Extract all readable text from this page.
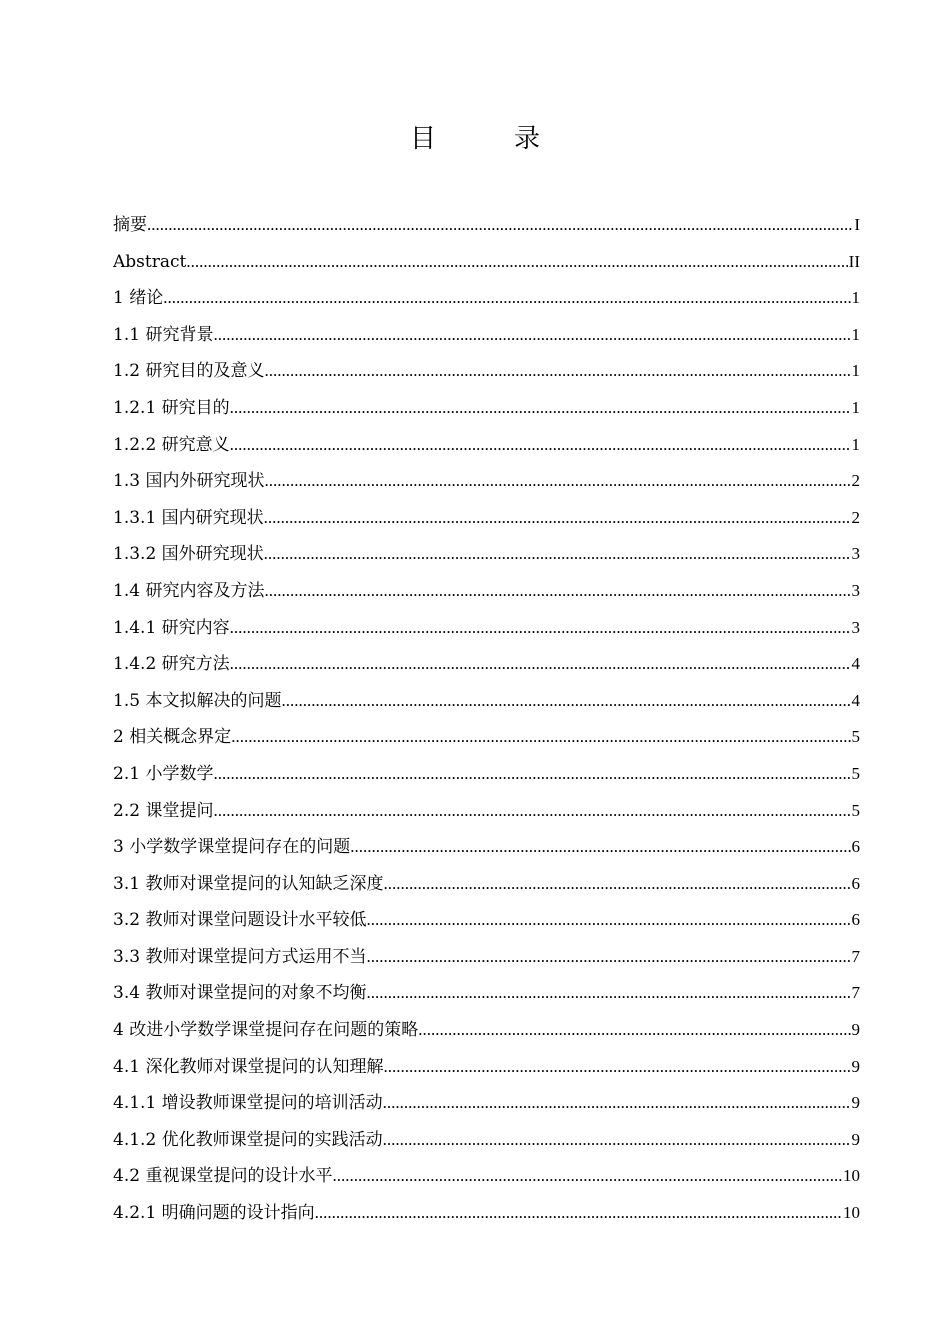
目　录
摘要 .....	I
Abstract .....	II
1 绪论 .....	1
1.1 研究背景 .....	1
1.2 研究目的及意义 .....	1
1.2.1 研究目的 .....	1
1.2.2 研究意义 .....	1
1.3 国内外研究现状 .....	2
1.3.1 国内研究现状 .....	2
1.3.2 国外研究现状 .....	3
1.4 研究内容及方法 .....	3
1.4.1 研究内容 .....	3
1.4.2 研究方法 .....	4
1.5 本文拟解决的问题 .....	4
2 相关概念界定 .....	5
2.1 小学数学 .....	5
2.2 课堂提问 .....	5
3 小学数学课堂提问存在的问题 .....	6
3.1 教师对课堂提问的认知缺乏深度 .....	6
3.2 教师对课堂问题设计水平较低 .....	6
3.3 教师对课堂提问方式运用不当 .....	7
3.4 教师对课堂提问的对象不均衡 .....	7
4 改进小学数学课堂提问存在问题的策略 .....	9
4.1 深化教师对课堂提问的认知理解 .....	9
4.1.1 增设教师课堂提问的培训活动 .....	9
4.1.2 优化教师课堂提问的实践活动 .....	9
4.2 重视课堂提问的设计水平 .....	10
4.2.1 明确问题的设计指向 .....	10
